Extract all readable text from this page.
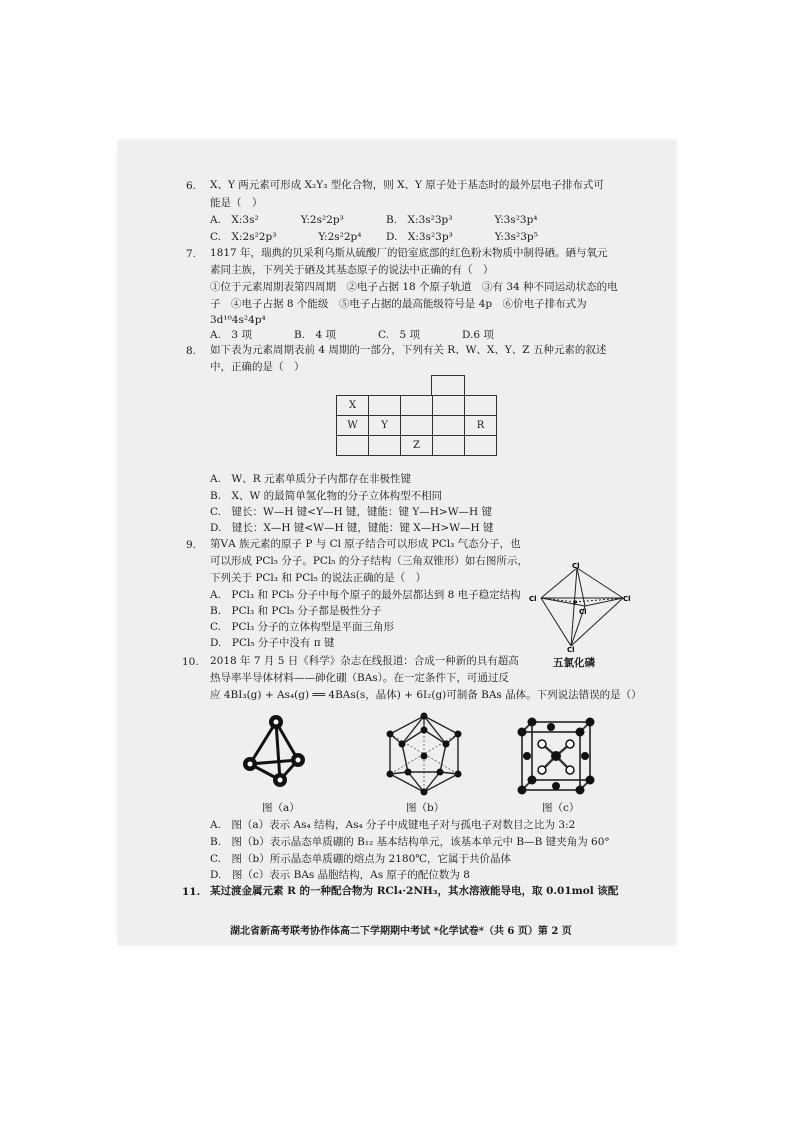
6. X、Y 两元素可形成 X₂Y₃ 型化合物，则 X、Y 原子处于基态时的最外层电子排布式可
能是（　）
A.　X:3s²　　　　Y:2s²2p³	B.　X:3s²3p³　　　　Y:3s²3p⁴
C.　X:2s²2p³　　　　Y:2s²2p⁴ D.　X:3s²3p³　　　　Y:3s²3p⁵
7. 1817 年，瑞典的贝采利乌斯从硫酸厂的铅室底部的红色粉末物质中制得硒。硒与氧元
素同主族，下列关于硒及其基态原子的说法中正确的有（　）
①位于元素周期表第四周期　②电子占据 18 个原子轨道　③有 34 种不同运动状态的电
子　④电子占据 8 个能级　⑤电子占据的最高能级符号是 4p　⑥价电子排布式为
3d¹⁰4s²4p⁴
A.　3 项　　　　B.　4 项　　　　C.　5 项　　　　D.6 项
8. 如下表为元素周期表前 4 周期的一部分，下列有关 R、W、X、Y、Z 五种元素的叙述
中，正确的是（　）
X				
W	Y			R
		Z		
A.　W、R 元素单质分子内都存在非极性键
B.　X、W 的最简单氢化物的分子立体构型不相同
C.　键长：W—H 键<Y—H 键，键能：键 Y—H>W—H 键
D.　键长：X—H 键<W—H 键，键能：键 X—H>W—H 键
9. 第ⅤA 族元素的原子 P 与 Cl 原子结合可以形成 PCl₃ 气态分子，也
可以形成 PCl₅ 分子。PCl₅ 的分子结构（三角双锥形）如右图所示，
下列关于 PCl₃ 和 PCl₅ 的说法正确的是（　）
A.　PCl₃ 和 PCl₅ 分子中每个原子的最外层都达到 8 电子稳定结构
B.　PCl₃ 和 PCl₅ 分子都是极性分子
C.　PCl₃ 分子的立体构型是平面三角形
D.　PCl₅ 分子中没有 π 键
Cl
Cl	Cl
Cl
Cl
P
五氯化磷
10. 2018 年 7 月 5 日《科学》杂志在线报道：合成一种新的具有超高
热导率半导体材料——砷化硼（BAs）。在一定条件下，可通过反
应 4BI₃(g) + As₄(g) ══ 4BAs(s，晶体) + 6I₂(g)可制备 BAs 晶体。下列说法错误的是（）
图（a）	图（b）	图（c）
A.　图（a）表示 As₄ 结构，As₄ 分子中成键电子对与孤电子对数目之比为 3:2
B.　图（b）表示晶态单质硼的 B₁₂ 基本结构单元，该基本单元中 B—B 键夹角为 60°
C.　图（b）所示晶态单质硼的熔点为 2180℃，它属于共价晶体
D.　图（c）表示 BAs 晶胞结构，As 原子的配位数为 8
11. 某过渡金属元素 R 的一种配合物为 RCl₄·2NH₃，其水溶液能导电，取 0.01mol 该配
湖北省新高考联考协作体高二下学期期中考试 *化学试卷*（共 6 页）第 2 页
